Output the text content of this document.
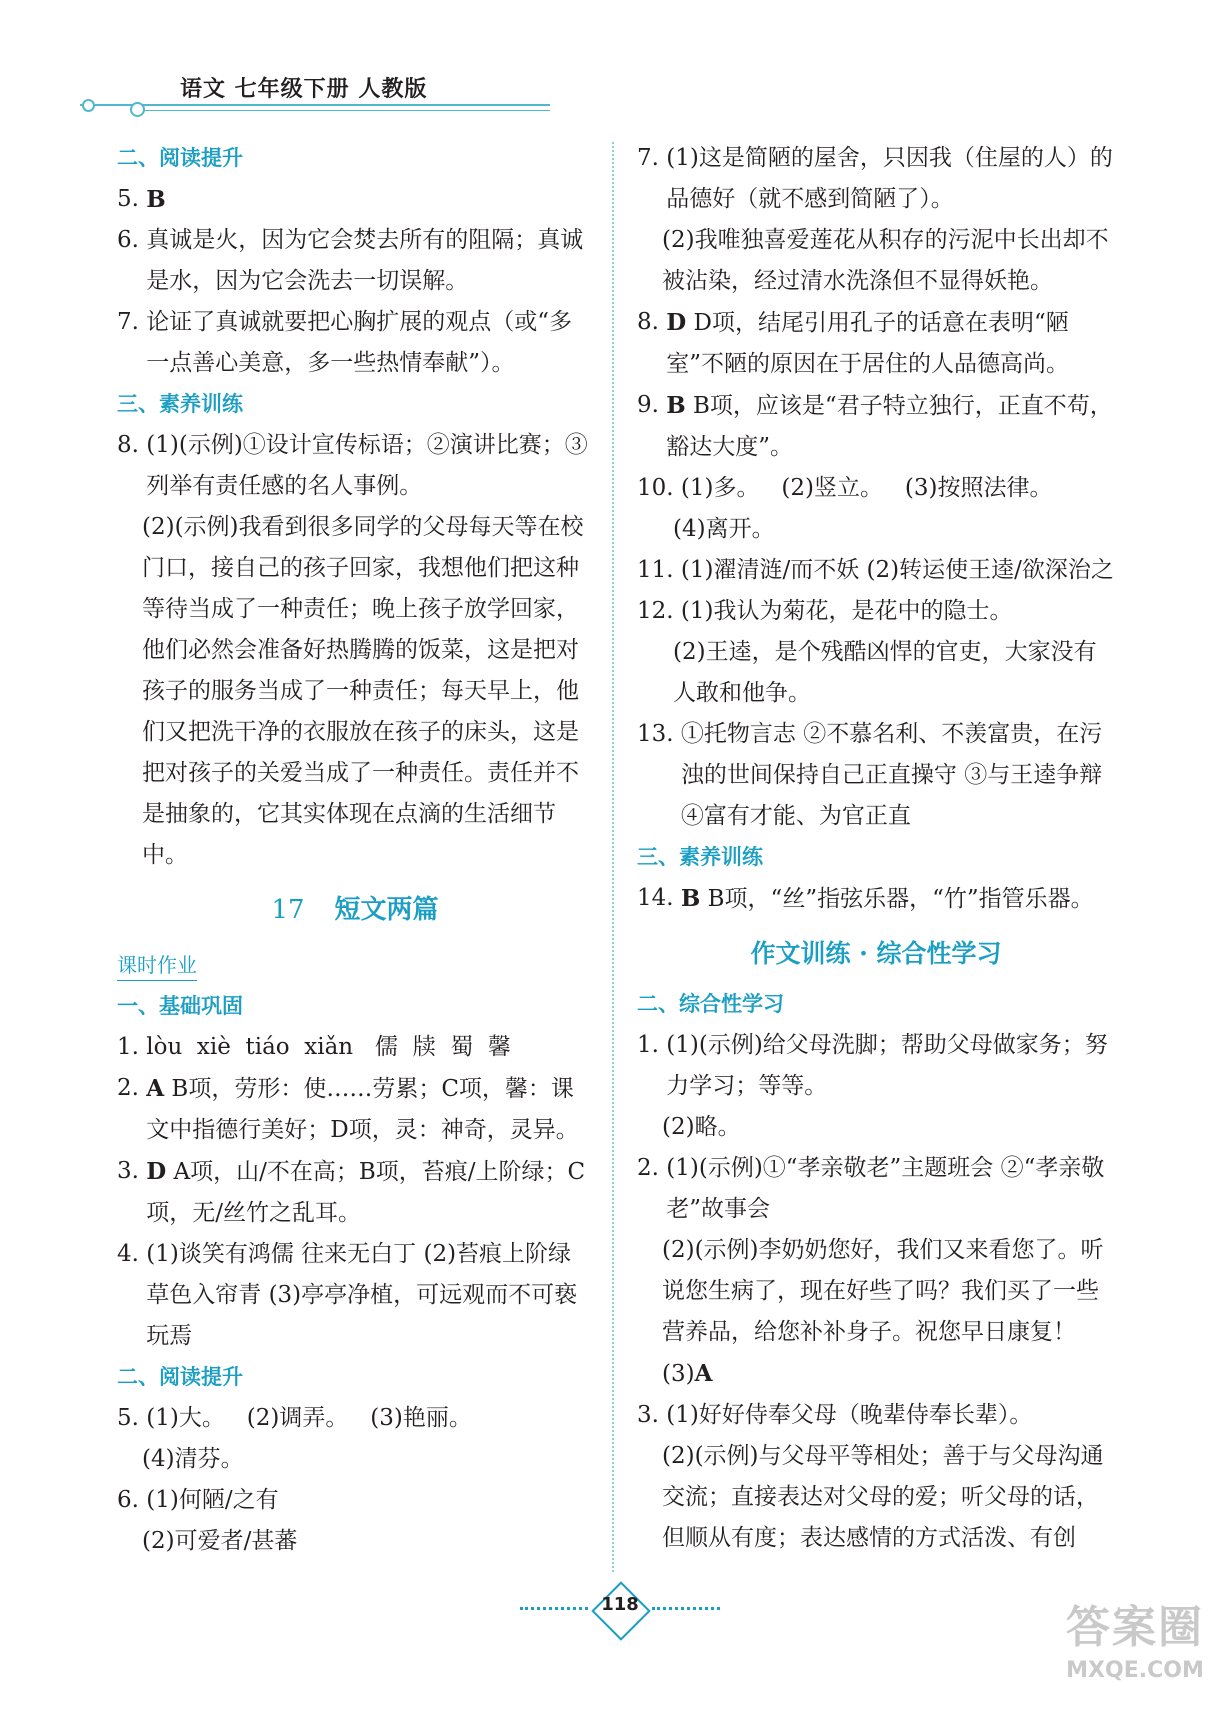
语文 七年级下册 人教版
二、阅读提升
5. B
6. 真诚是火，因为它会焚去所有的阻隔；真诚是水，因为它会洗去一切误解。
7. 论证了真诚就要把心胸扩展的观点（或“多一点善心美意，多一些热情奉献”）。
三、素养训练
8. (1)(示例)①设计宣传标语；②演讲比赛；③列举有责任感的名人事例。
(2)(示例)我看到很多同学的父母每天等在校门口，接自己的孩子回家，我想他们把这种等待当成了一种责任；晚上孩子放学回家，他们必然会准备好热腾腾的饭菜，这是把对孩子的服务当成了一种责任；每天早上，他们又把洗干净的衣服放在孩子的床头，这是把对孩子的关爱当成了一种责任。责任并不是抽象的，它其实体现在点滴的生活细节中。
17 短文两篇
课时作业
一、基础巩固
1. lòu  xiè  tiáo  xiǎn   儒  牍  蜀  馨
2. A B项，劳形：使……劳累；C项，馨：课文中指德行美好；D项，灵：神奇，灵异。
3. D A项，山/不在高；B项，苔痕/上阶绿；C项，无/丝竹之乱耳。
4. (1)谈笑有鸿儒 往来无白丁 (2)苔痕上阶绿 草色入帘青 (3)亭亭净植，可远观而不可亵玩焉
二、阅读提升
5. (1)大。   (2)调弄。   (3)艳丽。
(4)清芬。
6. (1)何陋/之有
(2)可爱者/甚蕃
7. (1)这是简陋的屋舍，只因我（住屋的人）的品德好（就不感到简陋了）。
(2)我唯独喜爱莲花从积存的污泥中长出却不被沾染，经过清水洗涤但不显得妖艳。
8. D D项，结尾引用孔子的话意在表明“陋室”不陋的原因在于居住的人品德高尚。
9. B B项，应该是“君子特立独行，正直不苟，豁达大度”。
10. (1)多。   (2)竖立。   (3)按照法律。
(4)离开。
11. (1)濯清涟/而不妖 (2)转运使王逵/欲深治之
12. (1)我认为菊花，是花中的隐士。
(2)王逵，是个残酷凶悍的官吏，大家没有人敢和他争。
13. ①托物言志 ②不慕名利、不羡富贵，在污浊的世间保持自己正直操守 ③与王逵争辩 ④富有才能、为官正直
三、素养训练
14. B B项，“丝”指弦乐器，“竹”指管乐器。
作文训练 · 综合性学习
二、综合性学习
1. (1)(示例)给父母洗脚；帮助父母做家务；努力学习；等等。
(2)略。
2. (1)(示例)①“孝亲敬老”主题班会 ②“孝亲敬老”故事会
(2)(示例)李奶奶您好，我们又来看您了。听说您生病了，现在好些了吗？我们买了一些营养品，给您补补身子。祝您早日康复！
(3)A
3. (1)好好侍奉父母（晚辈侍奉长辈）。
(2)(示例)与父母平等相处；善于与父母沟通交流；直接表达对父母的爱；听父母的话，但顺从有度；表达感情的方式活泼、有创
118	答案圈
MXQE.COM
